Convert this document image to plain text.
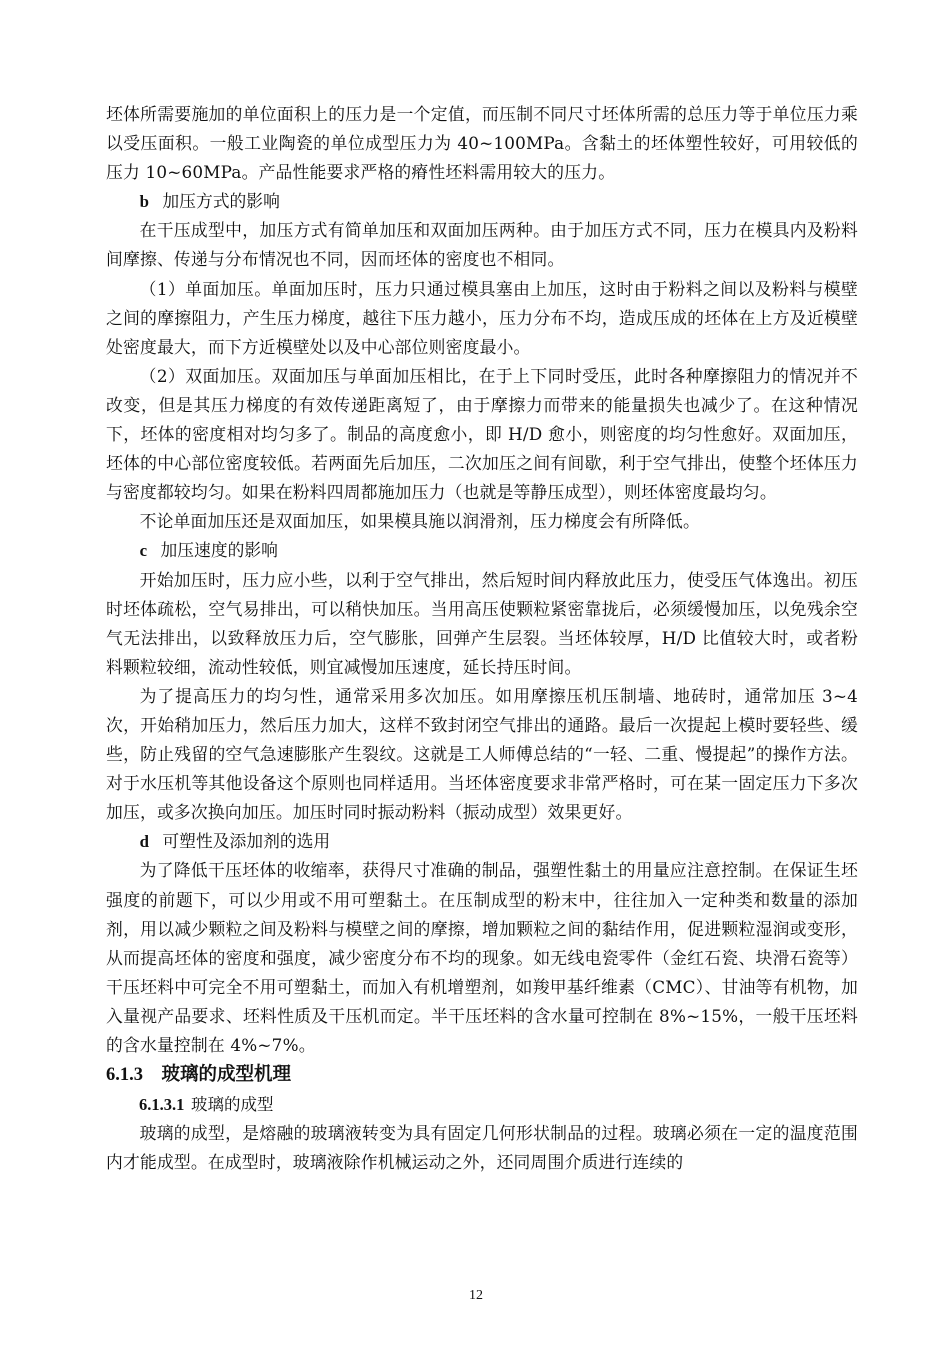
坯体所需要施加的单位面积上的压力是一个定值，而压制不同尺寸坯体所需的总压力等于单位压力乘以受压面积。一般工业陶瓷的单位成型压力为 40~100MPa。含黏土的坯体塑性较好，可用较低的压力 10~60MPa。产品性能要求严格的瘠性坯料需用较大的压力。

b 加压方式的影响

在干压成型中，加压方式有简单加压和双面加压两种。由于加压方式不同，压力在模具内及粉料间摩擦、传递与分布情况也不同，因而坯体的密度也不相同。

（1）单面加压。单面加压时，压力只通过模具塞由上加压，这时由于粉料之间以及粉料与模壁之间的摩擦阻力，产生压力梯度，越往下压力越小，压力分布不均，造成压成的坯体在上方及近模壁处密度最大，而下方近模壁处以及中心部位则密度最小。

（2）双面加压。双面加压与单面加压相比，在于上下同时受压，此时各种摩擦阻力的情况并不改变，但是其压力梯度的有效传递距离短了，由于摩擦力而带来的能量损失也减少了。在这种情况下，坯体的密度相对均匀多了。制品的高度愈小，即 H/D 愈小，则密度的均匀性愈好。双面加压，坯体的中心部位密度较低。若两面先后加压，二次加压之间有间歇，利于空气排出，使整个坯体压力与密度都较均匀。如果在粉料四周都施加压力（也就是等静压成型），则坯体密度最均匀。

不论单面加压还是双面加压，如果模具施以润滑剂，压力梯度会有所降低。

c 加压速度的影响

开始加压时，压力应小些，以利于空气排出，然后短时间内释放此压力，使受压气体逸出。初压时坯体疏松，空气易排出，可以稍快加压。当用高压使颗粒紧密靠拢后，必须缓慢加压，以免残余空气无法排出，以致释放压力后，空气膨胀，回弹产生层裂。当坯体较厚，H/D 比值较大时，或者粉料颗粒较细，流动性较低，则宜减慢加压速度，延长持压时间。

为了提高压力的均匀性，通常采用多次加压。如用摩擦压机压制墙、地砖时，通常加压 3~4 次，开始稍加压力，然后压力加大，这样不致封闭空气排出的通路。最后一次提起上模时要轻些、缓些，防止残留的空气急速膨胀产生裂纹。这就是工人师傅总结的“一轻、二重、慢提起”的操作方法。对于水压机等其他设备这个原则也同样适用。当坯体密度要求非常严格时，可在某一固定压力下多次加压，或多次换向加压。加压时同时振动粉料（振动成型）效果更好。

d 可塑性及添加剂的选用

为了降低干压坯体的收缩率，获得尺寸准确的制品，强塑性黏土的用量应注意控制。在保证生坯强度的前题下，可以少用或不用可塑黏土。在压制成型的粉末中，往往加入一定种类和数量的添加剂，用以减少颗粒之间及粉料与模壁之间的摩擦，增加颗粒之间的黏结作用，促进颗粒湿润或变形，从而提高坯体的密度和强度，减少密度分布不均的现象。如无线电瓷零件（金红石瓷、块滑石瓷等）干压坯料中可完全不用可塑黏土，而加入有机增塑剂，如羧甲基纤维素（CMC）、甘油等有机物，加入量视产品要求、坯料性质及干压机而定。半干压坯料的含水量可控制在 8%~15%，一般干压坯料的含水量控制在 4%~7%。

6.1.3 玻璃的成型机理

6.1.3.1 玻璃的成型

玻璃的成型，是熔融的玻璃液转变为具有固定几何形状制品的过程。玻璃必须在一定的温度范围内才能成型。在成型时，玻璃液除作机械运动之外，还同周围介质进行连续的

12
